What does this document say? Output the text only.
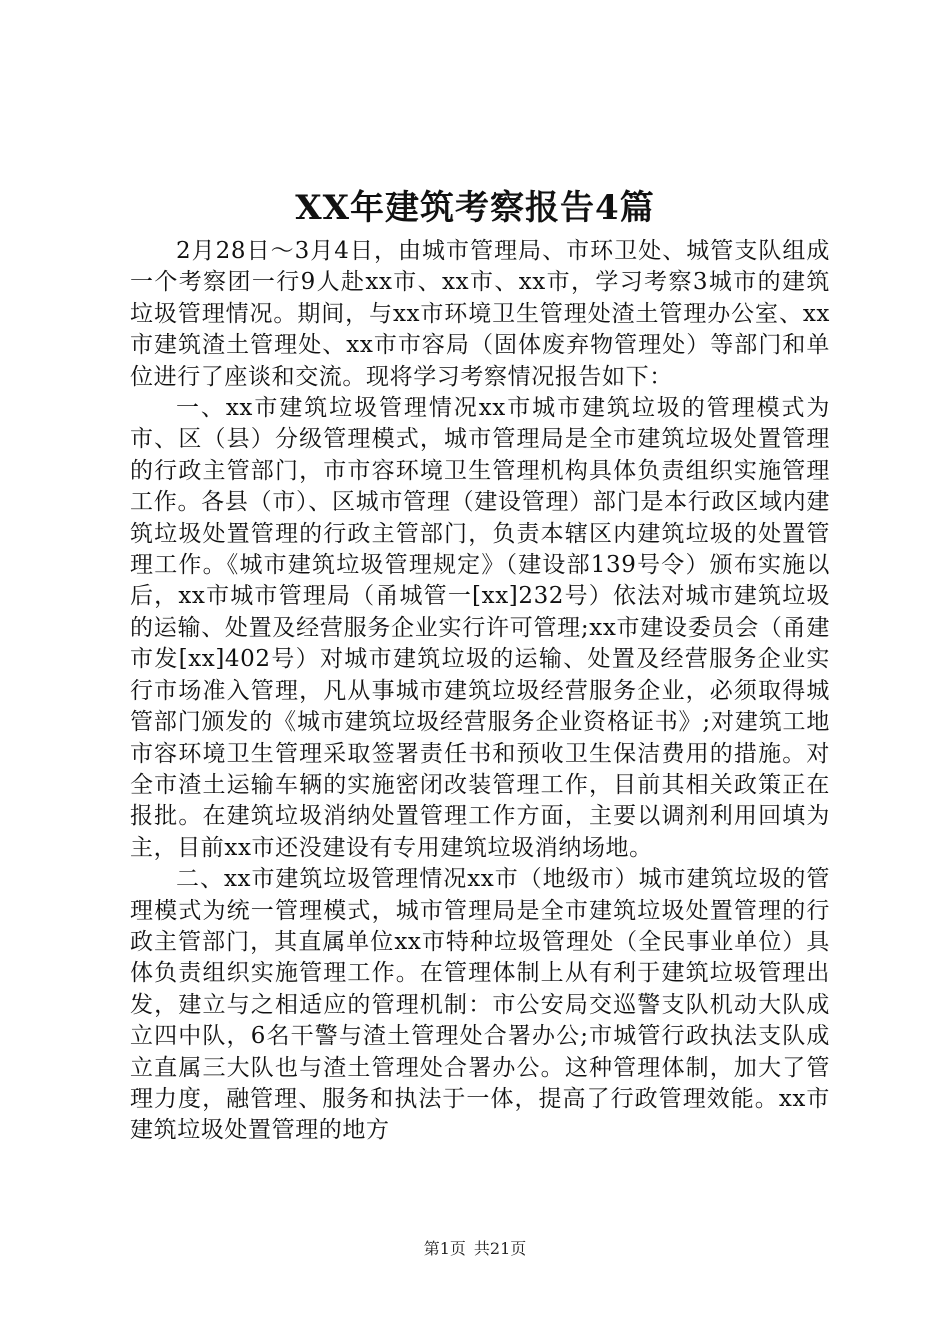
XX年建筑考察报告4篇

2月28日～3月4日，由城市管理局、市环卫处、城管支队组成一个考察团一行9人赴xx市、xx市、xx市，学习考察3城市的建筑垃圾管理情况。期间，与xx市环境卫生管理处渣土管理办公室、xx市建筑渣土管理处、xx市市容局（固体废弃物管理处）等部门和单位进行了座谈和交流。现将学习考察情况报告如下：

一、xx市建筑垃圾管理情况xx市城市建筑垃圾的管理模式为市、区（县）分级管理模式，城市管理局是全市建筑垃圾处置管理的行政主管部门，市市容环境卫生管理机构具体负责组织实施管理工作。各县（市）、区城市管理（建设管理）部门是本行政区域内建筑垃圾处置管理的行政主管部门，负责本辖区内建筑垃圾的处置管理工作。《城市建筑垃圾管理规定》（建设部139号令）颁布实施以后，xx市城市管理局（甬城管一[xx]232号）依法对城市建筑垃圾的运输、处置及经营服务企业实行许可管理;xx市建设委员会（甬建市发[xx]402号）对城市建筑垃圾的运输、处置及经营服务企业实行市场准入管理，凡从事城市建筑垃圾经营服务企业，必须取得城管部门颁发的《城市建筑垃圾经营服务企业资格证书》;对建筑工地市容环境卫生管理采取签署责任书和预收卫生保洁费用的措施。对全市渣土运输车辆的实施密闭改装管理工作，目前其相关政策正在报批。在建筑垃圾消纳处置管理工作方面，主要以调剂利用回填为主，目前xx市还没建设有专用建筑垃圾消纳场地。

二、xx市建筑垃圾管理情况xx市（地级市）城市建筑垃圾的管理模式为统一管理模式，城市管理局是全市建筑垃圾处置管理的行政主管部门，其直属单位xx市特种垃圾管理处（全民事业单位）具体负责组织实施管理工作。在管理体制上从有利于建筑垃圾管理出发，建立与之相适应的管理机制：市公安局交巡警支队机动大队成立四中队，6名干警与渣土管理处合署办公;市城管行政执法支队成立直属三大队也与渣土管理处合署办公。这种管理体制，加大了管理力度，融管理、服务和执法于一体，提高了行政管理效能。xx市建筑垃圾处置管理的地方

第1页 共21页
